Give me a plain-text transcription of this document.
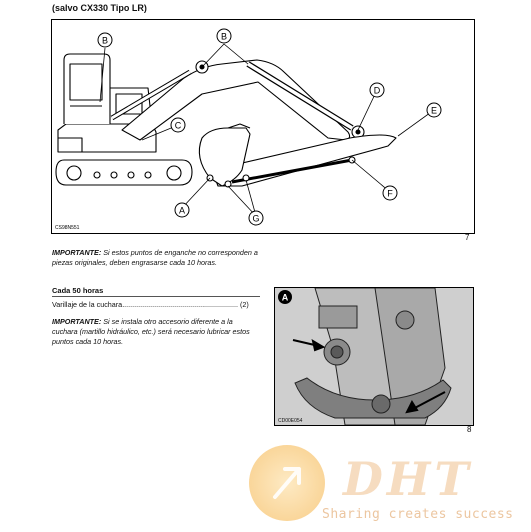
(salvo CX330 Tipo LR)
B	B
C
D
E
F
A
G
CS98N551
7
IMPORTANTE: Si estos puntos de enganche no corresponden a piezas originales, deben engrasarse cada 10 horas.
Cada 50 horas
Varillaje de la cuchara.......................................................... (2)
IMPORTANTE: Si se instala otro accesorio diferente a la cuchara (martillo hidráulico, etc.) será necesario lubricar estos puntos cada 10 horas.
A
CD00E054
8
DHT
Sharing creates success
